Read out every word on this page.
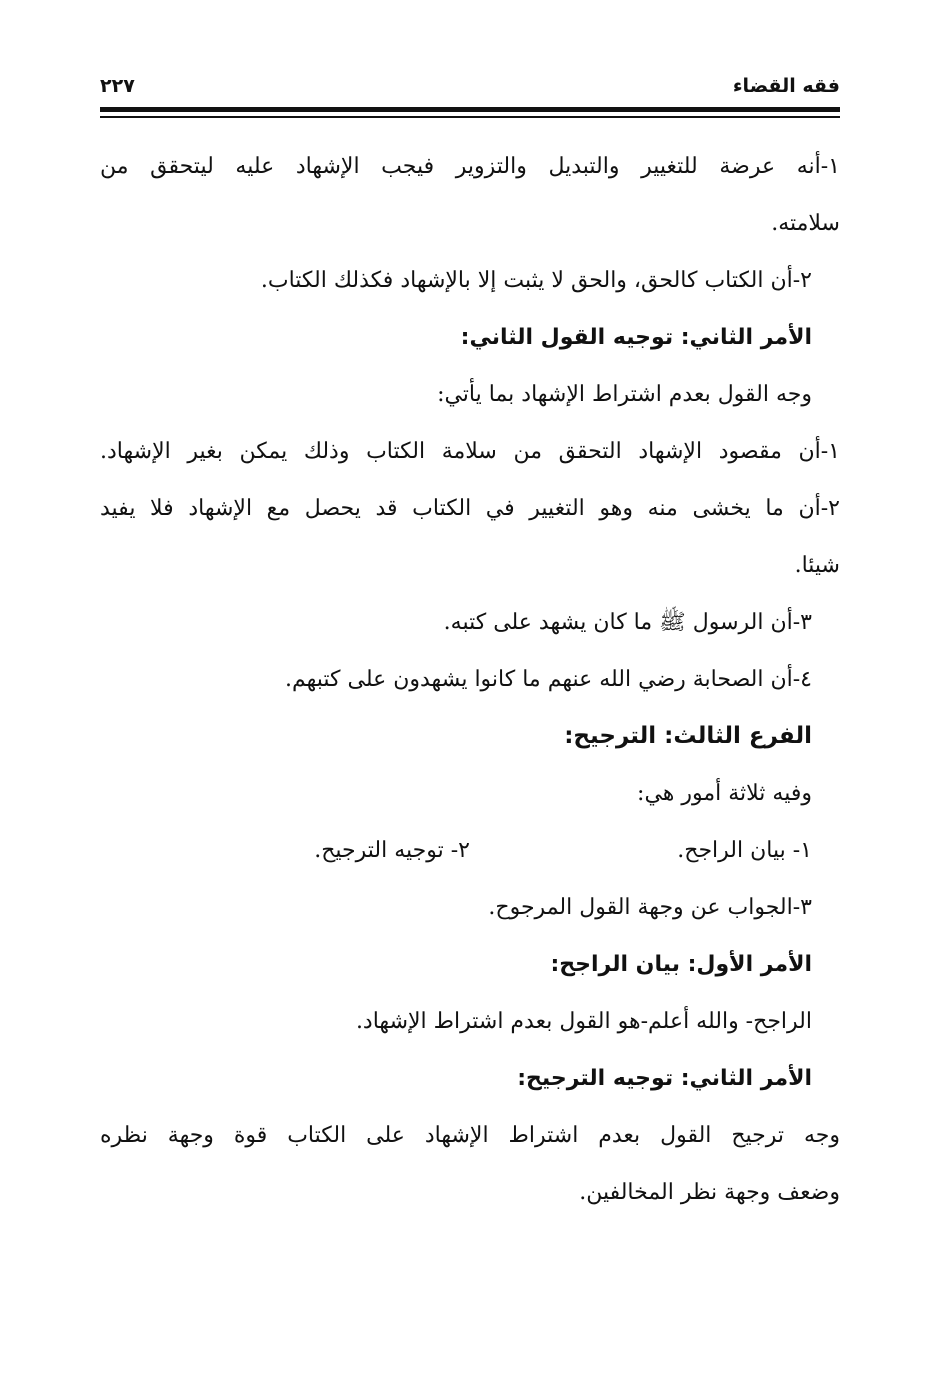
فقه القضاء
٢٢٧
١-أنه عرضة للتغيير والتبديل والتزوير فيجب الإشهاد عليه ليتحقق من
سلامته.
٢-أن الكتاب كالحق، والحق لا يثبت إلا بالإشهاد فكذلك الكتاب.
الأمر الثاني: توجيه القول الثاني:
وجه القول بعدم اشتراط الإشهاد بما يأتي:
١-أن مقصود الإشهاد التحقق من سلامة الكتاب وذلك يمكن بغير الإشهاد.
٢-أن ما يخشى منه وهو التغيير في الكتاب قد يحصل مع الإشهاد فلا يفيد
شيئا.
٣-أن الرسول ﷺ ما كان يشهد على كتبه.
٤-أن الصحابة رضي الله عنهم ما كانوا يشهدون على كتبهم.
الفرع الثالث: الترجيح:
وفيه ثلاثة أمور هي:
١- بيان الراجح.
٢- توجيه الترجيح.
٣-الجواب عن وجهة القول المرجوح.
الأمر الأول: بيان الراجح:
الراجح- والله أعلم-هو القول بعدم اشتراط الإشهاد.
الأمر الثاني: توجيه الترجيح:
وجه ترجيح القول بعدم اشتراط الإشهاد على الكتاب قوة وجهة نظره
وضعف وجهة نظر المخالفين.
